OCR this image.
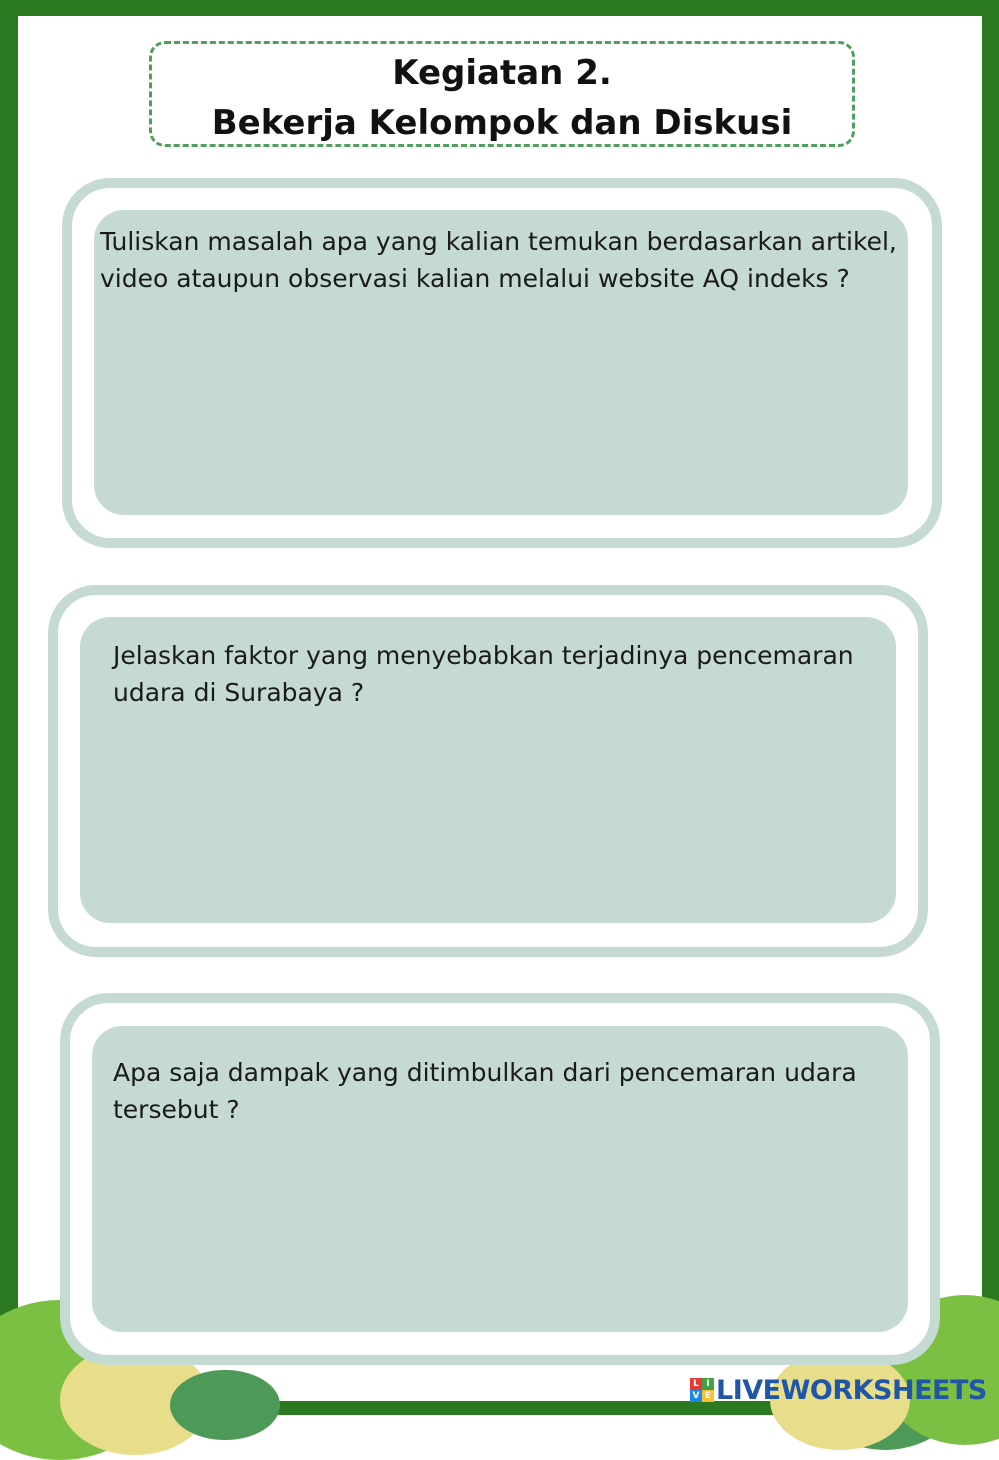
Kegiatan 2.
Bekerja Kelompok dan Diskusi
Tuliskan masalah apa yang kalian temukan berdasarkan artikel, video ataupun observasi kalian melalui website AQ indeks ?
Jelaskan faktor yang menyebabkan terjadinya pencemaran udara di Surabaya ?
Apa saja dampak yang ditimbulkan dari pencemaran udara tersebut ?
L I
V E LIVEWORKSHEETS
